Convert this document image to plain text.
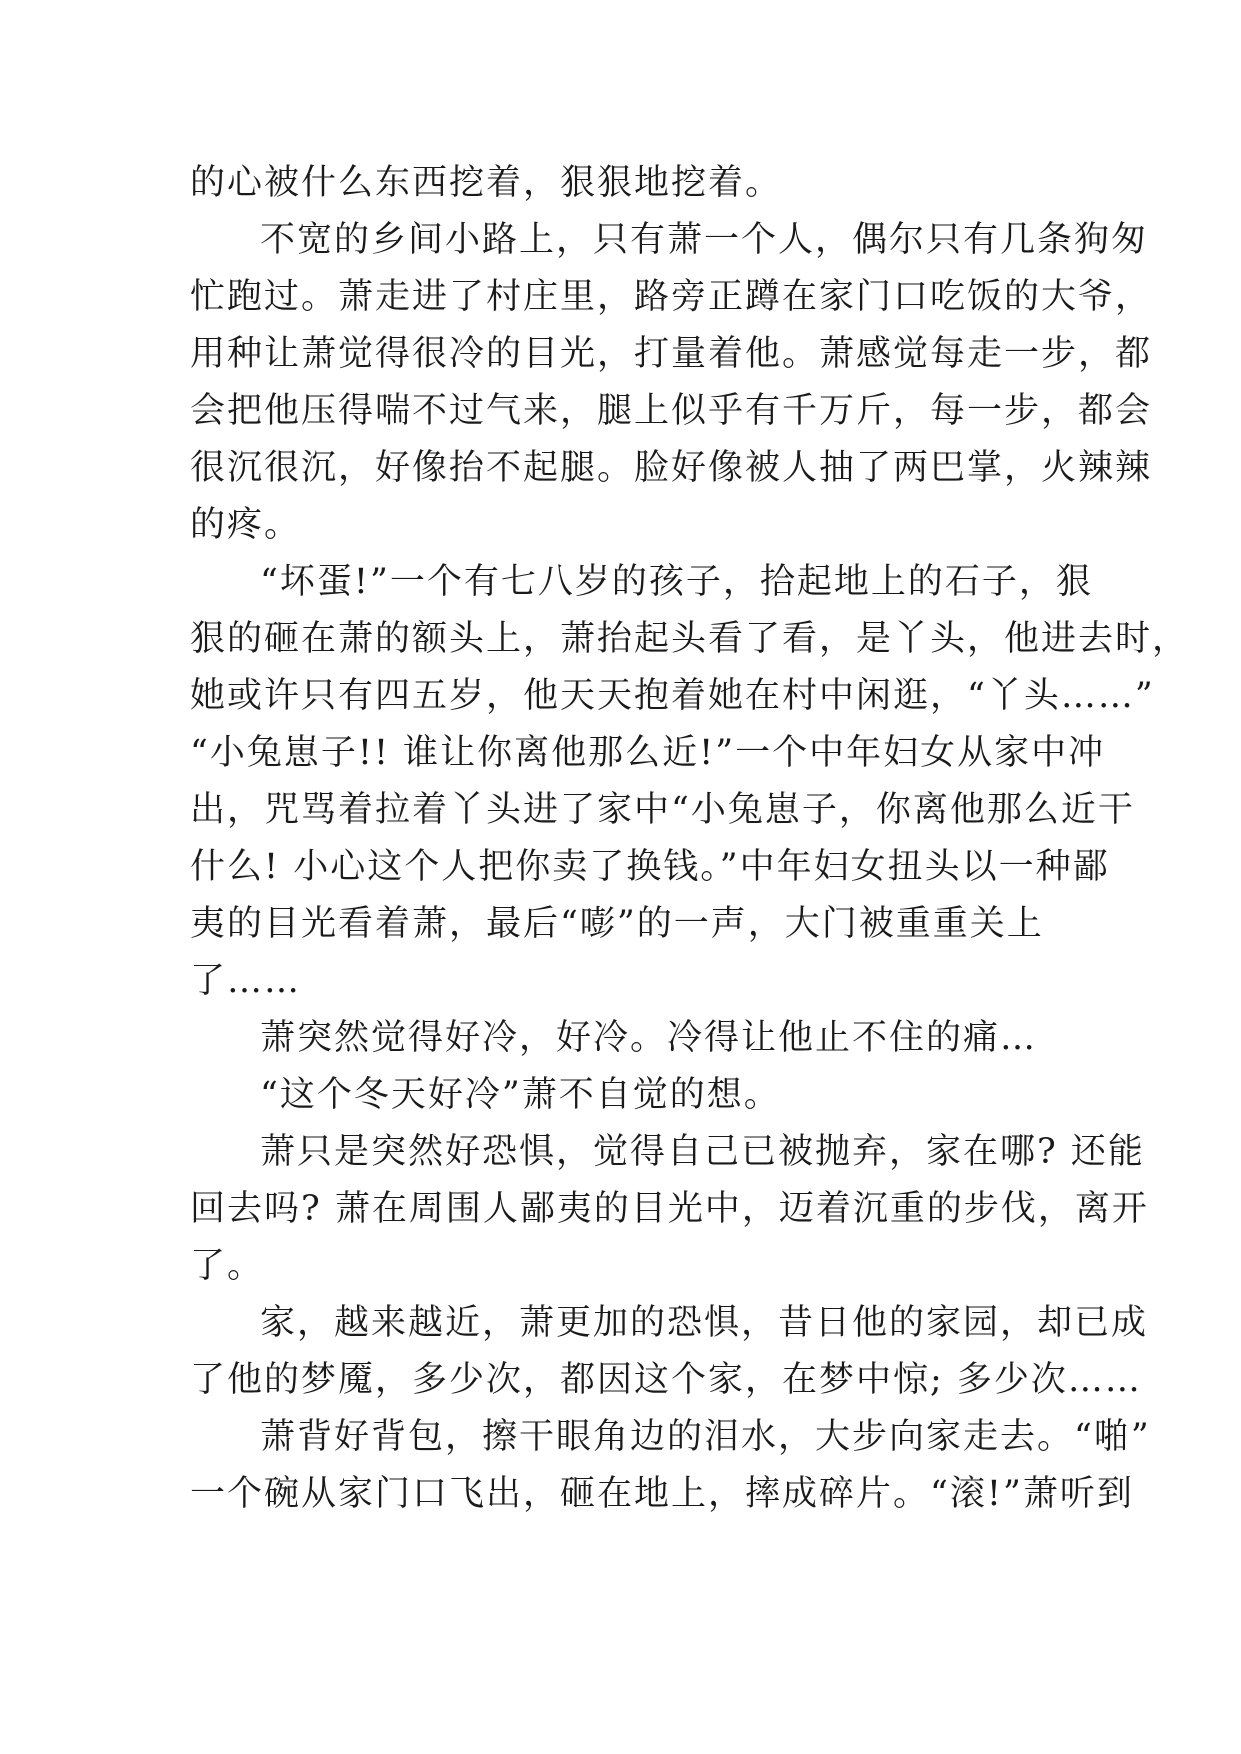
的心被什么东西挖着，狠狠地挖着。
不宽的乡间小路上，只有萧一个人，偶尔只有几条狗匆
忙跑过。萧走进了村庄里，路旁正蹲在家门口吃饭的大爷，
用种让萧觉得很冷的目光，打量着他。萧感觉每走一步，都
会把他压得喘不过气来，腿上似乎有千万斤，每一步，都会
很沉很沉，好像抬不起腿。脸好像被人抽了两巴掌，火辣辣
的疼。
“坏蛋!”一个有七八岁的孩子，拾起地上的石子，狠
狠的砸在萧的额头上，萧抬起头看了看，是丫头，他进去时，
她或许只有四五岁，他天天抱着她在村中闲逛，“丫头……”
“小兔崽子!! 谁让你离他那么近!”一个中年妇女从家中冲
出，咒骂着拉着丫头进了家中“小兔崽子，你离他那么近干
什么! 小心这个人把你卖了换钱。”中年妇女扭头以一种鄙
夷的目光看着萧，最后“嘭”的一声，大门被重重关上
了……
萧突然觉得好冷，好冷。冷得让他止不住的痛…
“这个冬天好冷”萧不自觉的想。
萧只是突然好恐惧，觉得自己已被抛弃，家在哪? 还能
回去吗? 萧在周围人鄙夷的目光中，迈着沉重的步伐，离开
了。
家，越来越近，萧更加的恐惧，昔日他的家园，却已成
了他的梦魇，多少次，都因这个家，在梦中惊; 多少次……
萧背好背包，擦干眼角边的泪水，大步向家走去。“啪”
一个碗从家门口飞出，砸在地上，摔成碎片。“滚!”萧听到
